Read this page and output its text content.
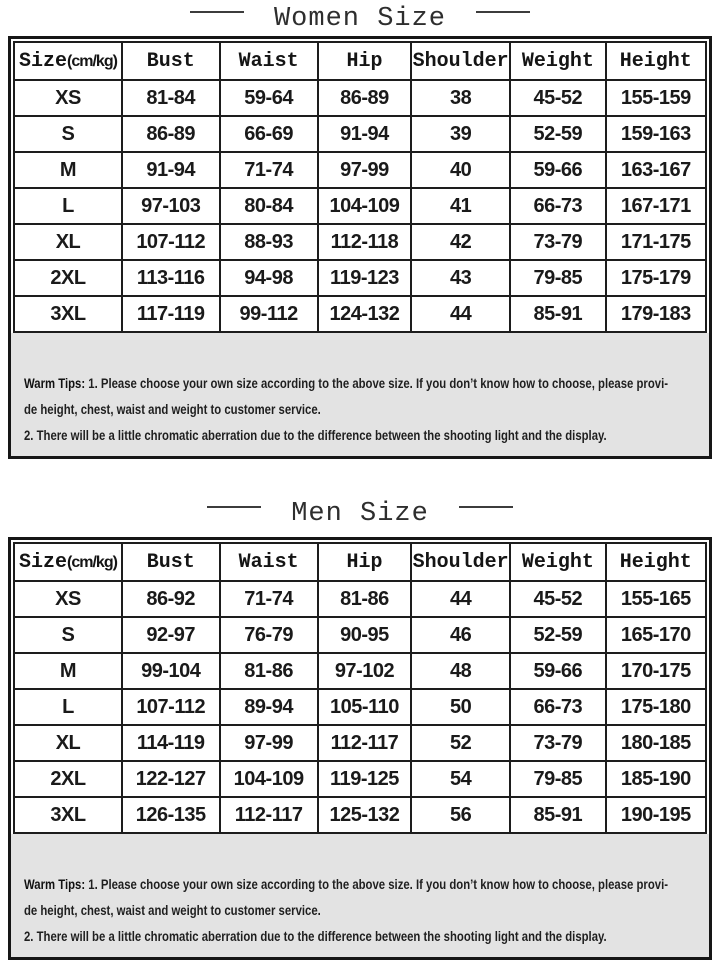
Women Size
Size(cm/kg)	Bust	Waist	Hip	Shoulder	Weight	Height
XS	81-84	59-64	86-89	38	45-52	155-159
S	86-89	66-69	91-94	39	52-59	159-163
M	91-94	71-74	97-99	40	59-66	163-167
L	97-103	80-84	104-109	41	66-73	167-171
XL	107-112	88-93	112-118	42	73-79	171-175
2XL	113-116	94-98	119-123	43	79-85	175-179
3XL	117-119	99-112	124-132	44	85-91	179-183
Warm Tips: 1. Please choose your own size according to the above size. If you don’t know how to choose, please provi-
de height, chest, waist and weight to customer service.
2. There will be a little chromatic aberration due to the difference between the shooting light and the display.
Men Size
Size(cm/kg)	Bust	Waist	Hip	Shoulder	Weight	Height
XS	86-92	71-74	81-86	44	45-52	155-165
S	92-97	76-79	90-95	46	52-59	165-170
M	99-104	81-86	97-102	48	59-66	170-175
L	107-112	89-94	105-110	50	66-73	175-180
XL	114-119	97-99	112-117	52	73-79	180-185
2XL	122-127	104-109	119-125	54	79-85	185-190
3XL	126-135	112-117	125-132	56	85-91	190-195
Warm Tips: 1. Please choose your own size according to the above size. If you don’t know how to choose, please provi-
de height, chest, waist and weight to customer service.
2. There will be a little chromatic aberration due to the difference between the shooting light and the display.
